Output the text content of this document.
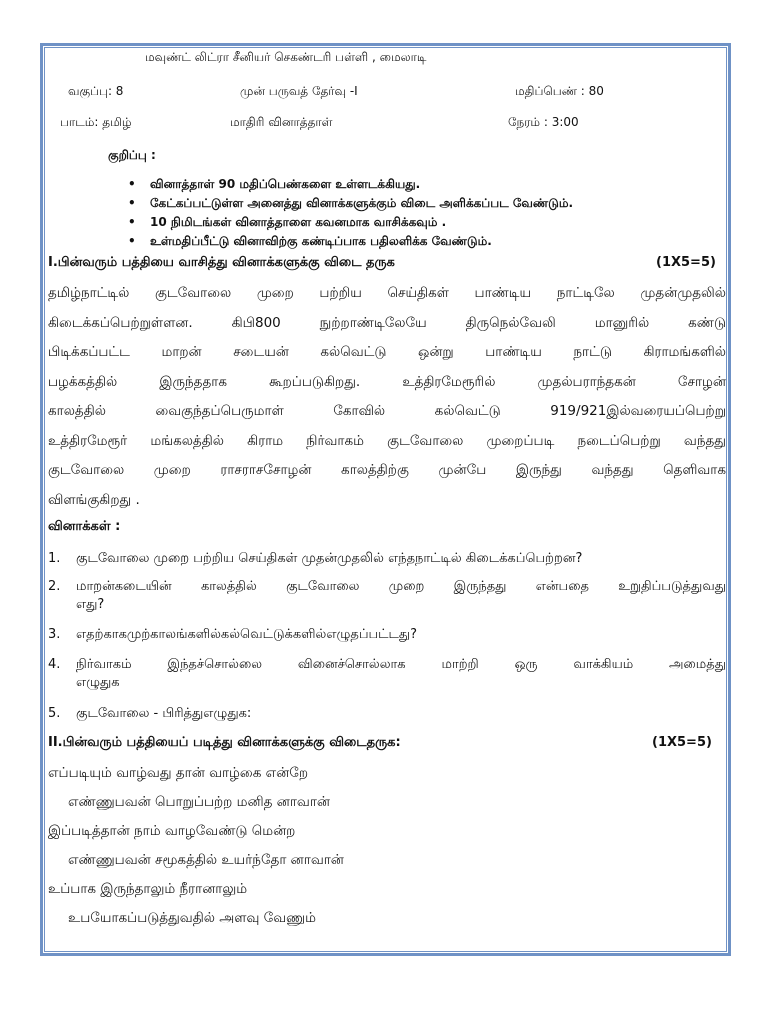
மவுண்ட் லிட்ரா சீனியர் செகண்டரி பள்ளி , மைலாடி
வகுப்பு: 8	முன் பருவத் தேர்வு -I	மதிப்பெண் : 80
பாடம்: தமிழ்	மாதிரி வினாத்தாள்	நேரம் : 3:00
குறிப்பு :
• வினாத்தாள் 90 மதிப்பெண்களை உள்ளடக்கியது.
• கேட்கப்பட்டுள்ள அனைத்து வினாக்களுக்கும் விடை அளிக்கப்பட வேண்டும்.
• 10 நிமிடங்கள் வினாத்தாளை கவனமாக வாசிக்கவும் .
• உள்மதிப்பீட்டு வினாவிற்கு கண்டிப்பாக பதிலளிக்க வேண்டும்.
I.பின்வரும் பத்தியை வாசித்து வினாக்களுக்கு விடை தருக	(1X5=5)
தமிழ்நாட்டில் குடவோலை முறை பற்றிய செய்திகள் பாண்டிய நாட்டிலே முதன்முதலில்
கிடைக்கப்பெற்றுள்ளன. கிபி800 நுற்றாண்டிலேயே திருநெல்வேலி மானுரில் கண்டு
பிடிக்கப்பட்ட மாறன் சடையன் கல்வெட்டு ஒன்று பாண்டிய நாட்டு கிராமங்களில்
பழக்கத்தில் இருந்ததாக கூறப்படுகிறது. உத்திரமேரூரில் முதல்பராந்தகன் சோழன்
காலத்தில் வைகுந்தப்பெருமாள் கோவில் கல்வெட்டு 919/921இல்வரையப்பெற்று
உத்திரமேரூர் மங்கலத்தில் கிராம நிர்வாகம் குடவோலை முறைப்படி நடைப்பெற்று வந்தது
குடவோலை முறை ராசராசசோழன் காலத்திற்கு முன்பே இருந்து வந்தது தெளிவாக
விளங்குகிறது .
வினாக்கள் :
1. குடவோலை முறை பற்றிய செய்திகள் முதன்முதலில் எந்தநாட்டில் கிடைக்கப்பெற்றன?
2. மாறன்கடையின் காலத்தில் குடவோலை முறை இருந்தது என்பதை உறுதிப்படுத்துவது
எது?
3. எதற்காகமுற்காலங்களில்கல்வெட்டுக்களில்எழுதப்பட்டது?
4. நிர்வாகம் இந்தச்சொல்லை வினைச்சொல்லாக மாற்றி ஒரு வாக்கியம் அமைத்து
எழுதுக
5. குடவோலை - பிரித்துஎழுதுக:
II.பின்வரும் பத்தியைப் படித்து வினாக்களுக்கு விடைதருக:	(1X5=5)
எப்படியும் வாழ்வது தான் வாழ்கை என்றே
எண்ணுபவன் பொறுப்பற்ற மனித னாவான்
இப்படித்தான் நாம் வாழவேண்டு மென்ற
எண்ணுபவன் சமூகத்தில் உயர்ந்தோ னாவான்
உப்பாக இருந்தாலும் நீரானாலும்
உபயோகப்படுத்துவதில் அளவு வேணும்
